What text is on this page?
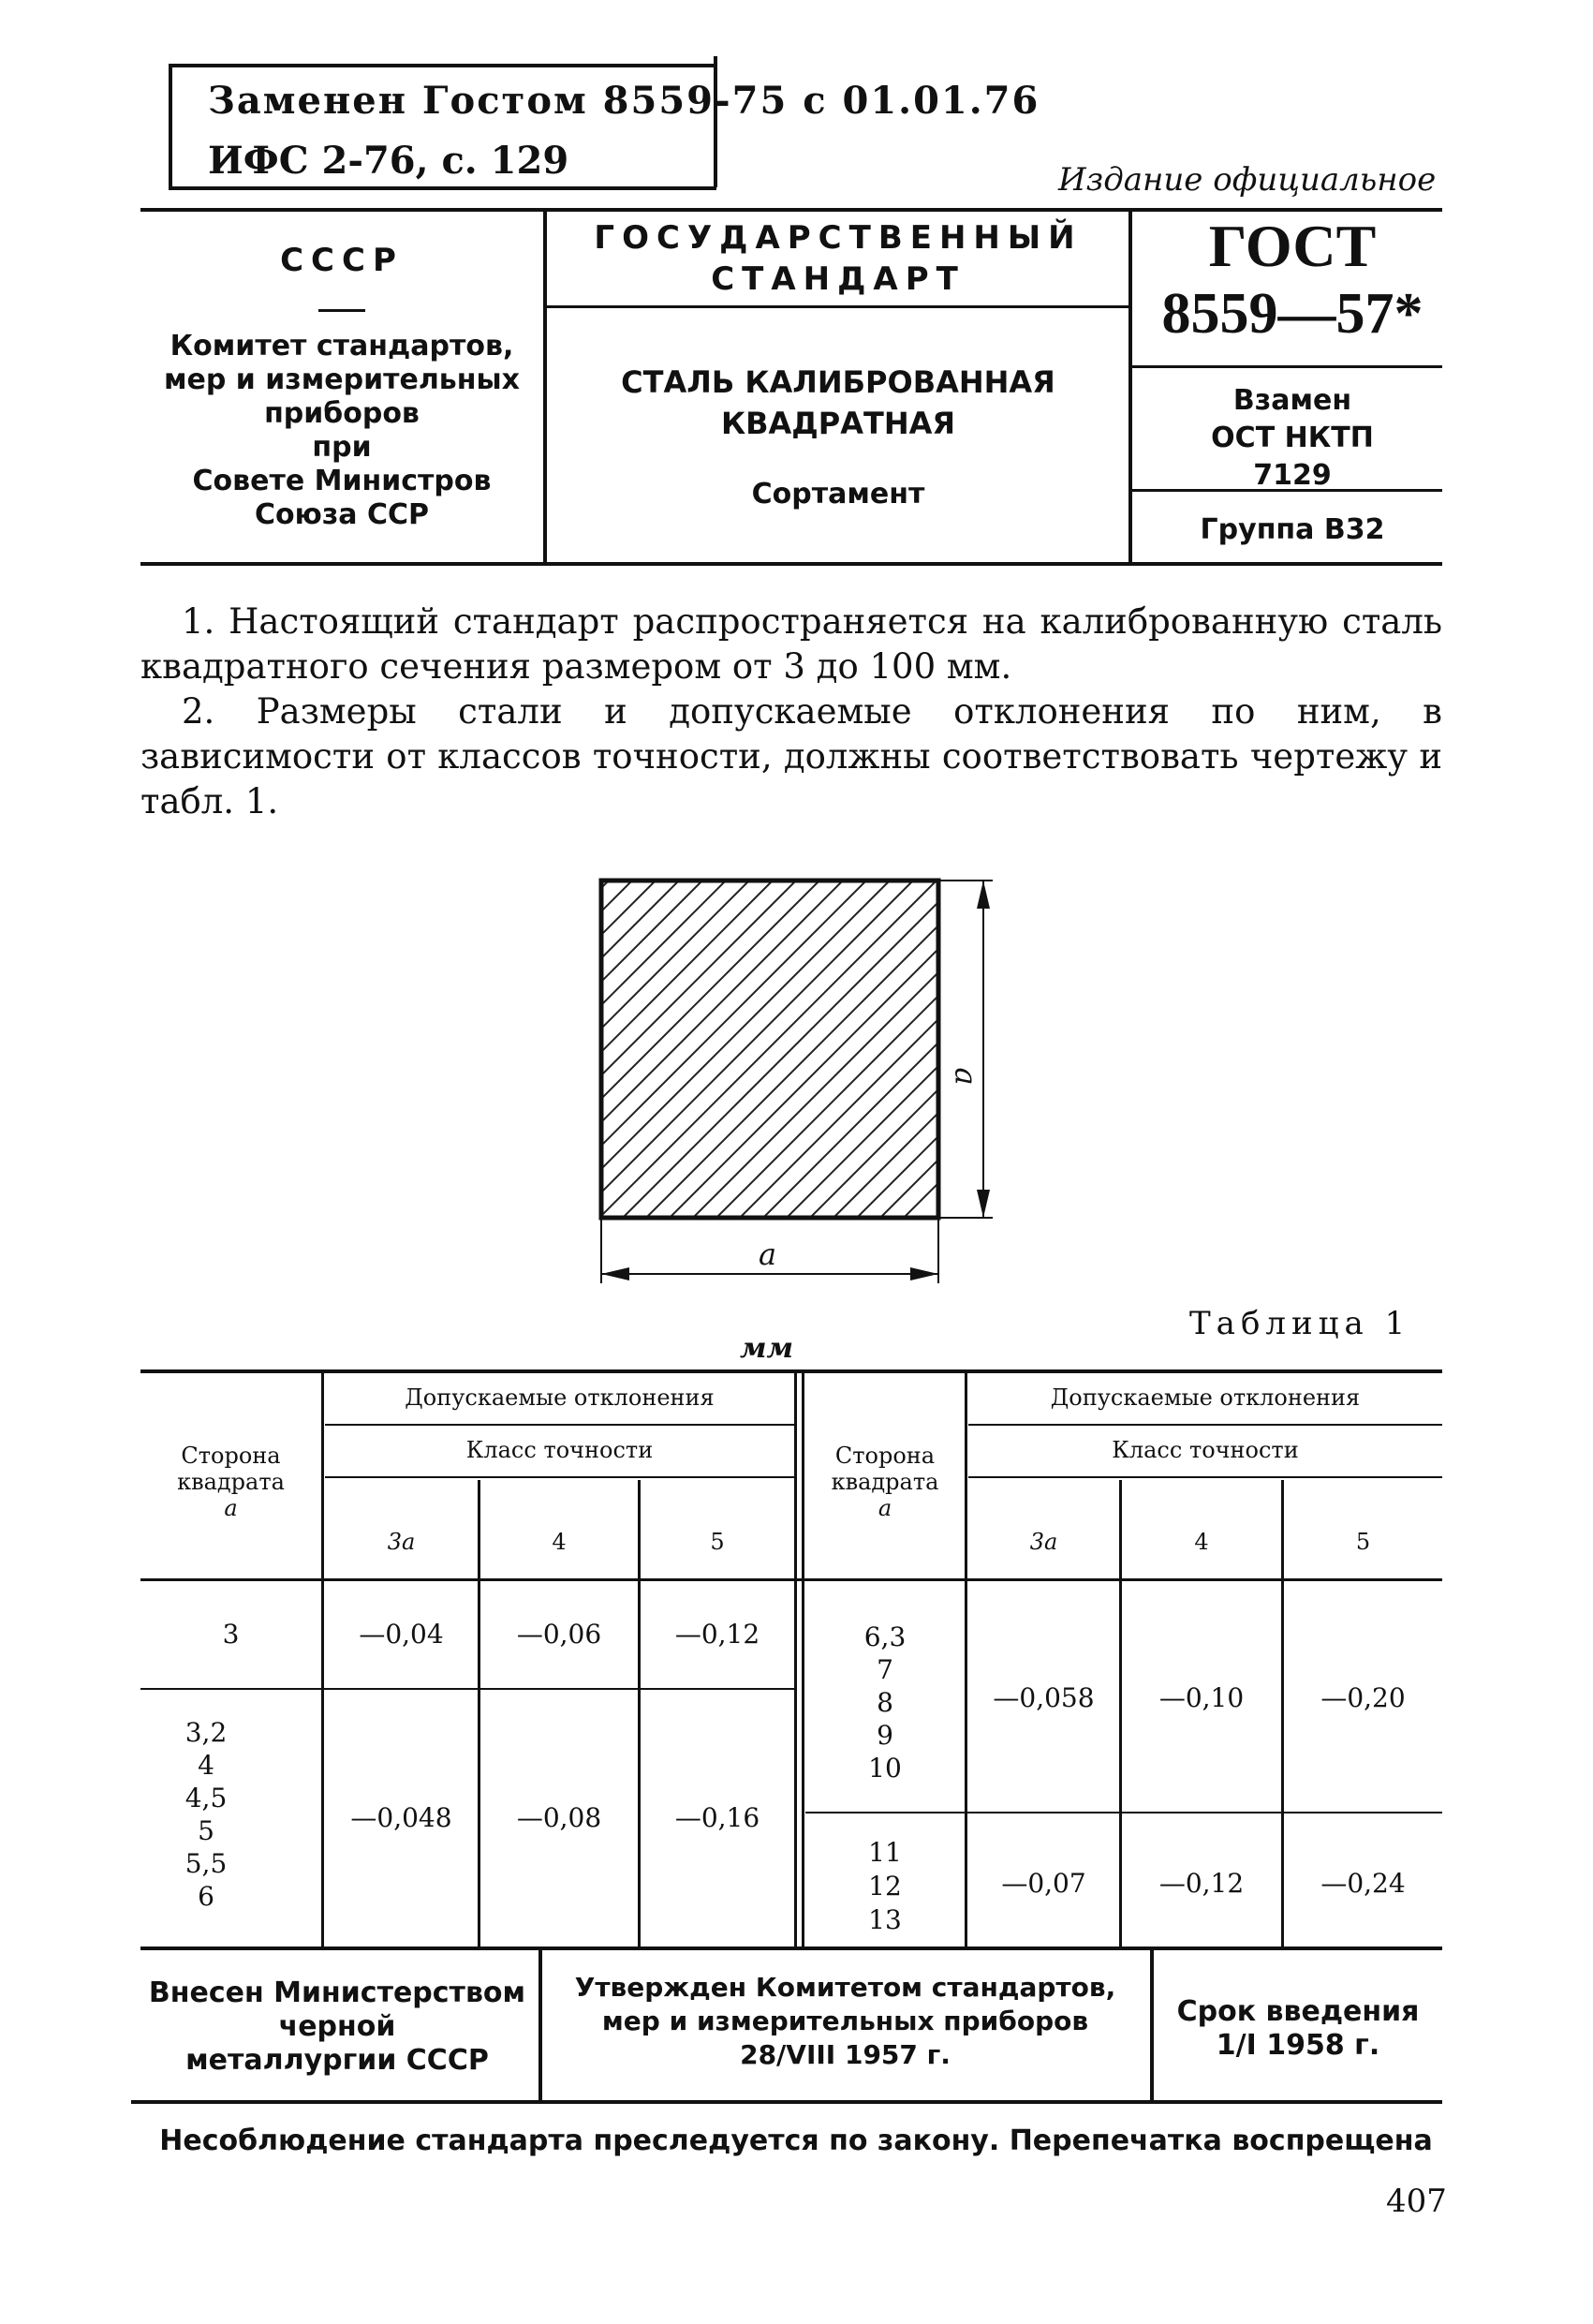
Заменен Гостом 8559-75 с 01.01.76
ИФС 2-76, с. 129	Издание официальное
СССР
Комитет стандартов,
мер и измерительных
приборов
при
Совете Министров
Союза ССР
ГОСУДАРСТВЕННЫЙ
СТАНДАРТ
СТАЛЬ КАЛИБРОВАННАЯ
КВАДРАТНАЯ
Сортамент
ГОСТ
8559—57*
Взамен
ОСТ НКТП
7129
Группа В32
1. Настоящий стандарт распространяется на калиброванную сталь квадратного сечения размером от 3 до 100 мм.
2. Размеры стали и допускаемые отклонения по ним, в зависимости от классов точности, должны соответствовать чертежу и табл. 1.
a
a
Таблица 1
мм
Сторона
квадрата
a
Допускаемые отклонения
Класс точности
3а	4	5
Сторона
квадрата
a
Допускаемые отклонения
Класс точности
3а	4	5
3	—0,04	—0,06	—0,12
3,2
4
4,5
5
5,5
6
—0,048	—0,08	—0,16
6,3
7
8
9
10
—0,058	—0,10	—0,20
11
12
13
—0,07	—0,12	—0,24
Внесен Министерством
черной
металлургии СССР
Утвержден Комитетом стандартов,
мер и измерительных приборов
28/VIII 1957 г.
Срок введения
1/I 1958 г.
Несоблюдение стандарта преследуется по закону. Перепечатка воспрещена
407
